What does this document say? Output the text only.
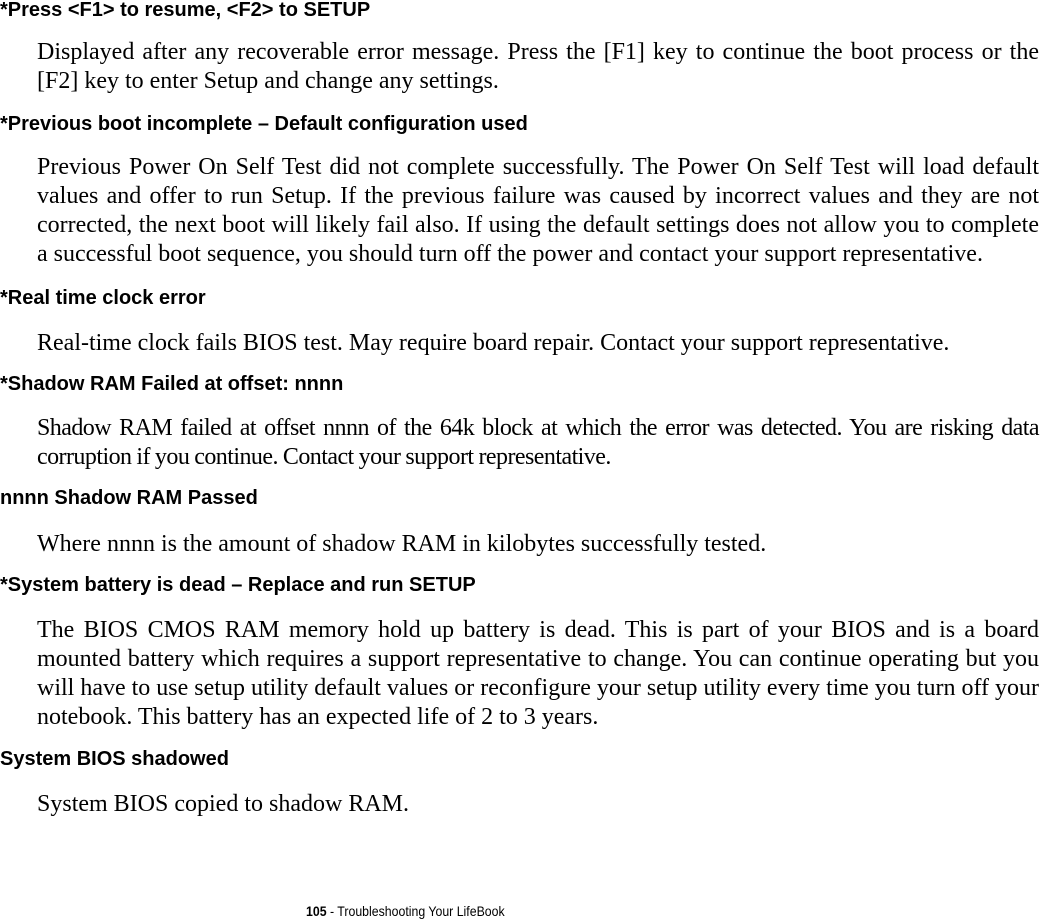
*Press <F1> to resume, <F2> to SETUP

Displayed after any recoverable error message. Press the [F1] key to continue the boot process or the [F2] key to enter Setup and change any settings.

*Previous boot incomplete – Default configuration used

Previous Power On Self Test did not complete successfully. The Power On Self Test will load default values and offer to run Setup. If the previous failure was caused by incorrect values and they are not corrected, the next boot will likely fail also. If using the default settings does not allow you to complete a successful boot sequence, you should turn off the power and contact your support representative.

*Real time clock error

Real-time clock fails BIOS test. May require board repair. Contact your support representative.

*Shadow RAM Failed at offset: nnnn

Shadow RAM failed at offset nnnn of the 64k block at which the error was detected. You are risking data corruption if you continue. Contact your support representative.

nnnn Shadow RAM Passed

Where nnnn is the amount of shadow RAM in kilobytes successfully tested.

*System battery is dead – Replace and run SETUP

The BIOS CMOS RAM memory hold up battery is dead. This is part of your BIOS and is a board mounted battery which requires a support representative to change. You can continue operating but you will have to use setup utility default values or reconfigure your setup utility every time you turn off your notebook. This battery has an expected life of 2 to 3 years.

System BIOS shadowed

System BIOS copied to shadow RAM.

105 - Troubleshooting Your LifeBook
